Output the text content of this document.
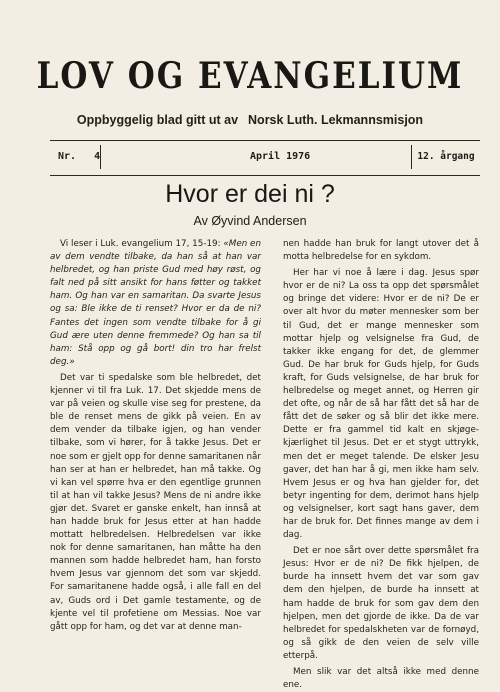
LOV OG EVANGELIUM
Oppbyggelig blad gitt ut av Norsk Luth. Lekmannsmisjon
Nr. 4	April 1976	12. årgang
Hvor er dei ni ?
Av Øyvind Andersen

Vi leser i Luk. evangelium 17, 15-19: «Men en av dem vendte tilbake, da han så at han var helbredet, og han priste Gud med høy røst, og falt ned på sitt ansikt for hans føtter og takket ham. Og han var en samaritan. Da svarte Jesus og sa: Ble ikke de ti renset? Hvor er da de ni? Fantes det ingen som vendte tilbake for å gi Gud ære uten denne fremmede? Og han sa til ham: Stå opp og gå bort! din tro har frelst deg.»

Det var ti spedalske som ble helbredet, det kjenner vi til fra Luk. 17. Det skjedde mens de var på veien og skulle vise seg for prestene, da ble de renset mens de gikk på veien. En av dem vender da tilbake igjen, og han vender tilbake, som vi hører, for å takke Jesus. Det er noe som er gjelt opp for denne samaritanen når han ser at han er helbredet, han må takke. Og vi kan vel spørre hva er den egentlige grunnen til at han vil takke Jesus? Mens de ni andre ikke gjør det. Svaret er ganske enkelt, han innså at han hadde bruk for Jesus etter at han hadde mottatt helbredelsen. Helbredelsen var ikke nok for denne samaritanen, han måtte ha den mannen som hadde helbredet ham, han forsto hvem Jesus var gjennom det som var skjedd. For samaritanene hadde også, i alle fall en del av, Guds ord i Det gamle testamente, og de kjente vel til profetiene om Messias. Noe var gått opp for ham, og det var at denne man-

nen hadde han bruk for langt utover det å motta helbredelse for en sykdom.

Her har vi noe å lære i dag. Jesus spør hvor er de ni? La oss ta opp det spørsmålet og bringe det videre: Hvor er de ni? De er over alt hvor du møter mennesker som ber til Gud, det er mange mennesker som mottar hjelp og velsignelse fra Gud, de takker ikke engang for det, de glemmer Gud. De har bruk for Guds hjelp, for Guds kraft, for Guds velsignelse, de har bruk for helbredelse og meget annet, og Herren gir det ofte, og når de så har fått det så har de fått det de søker og så blir det ikke mere. Dette er fra gammel tid kalt en skjøge-kjærlighet til Jesus. Det er et stygt uttrykk, men det er meget talende. De elsker Jesu gaver, det han har å gi, men ikke ham selv. Hvem Jesus er og hva han gjelder for, det betyr ingenting for dem, derimot hans hjelp og velsignelser, kort sagt hans gaver, dem har de bruk for. Det finnes mange av dem i dag.

Det er noe sårt over dette spørsmålet fra Jesus: Hvor er de ni? De fikk hjelpen, de burde ha innsett hvem det var som gav dem den hjelpen, de burde ha innsett at ham hadde de bruk for som gav dem den hjelpen, men det gjorde de ikke. Da de var helbredet for spedalskheten var de fornøyd, og så gikk de den veien de selv ville etterpå.

Men slik var det altså ikke med denne ene.
